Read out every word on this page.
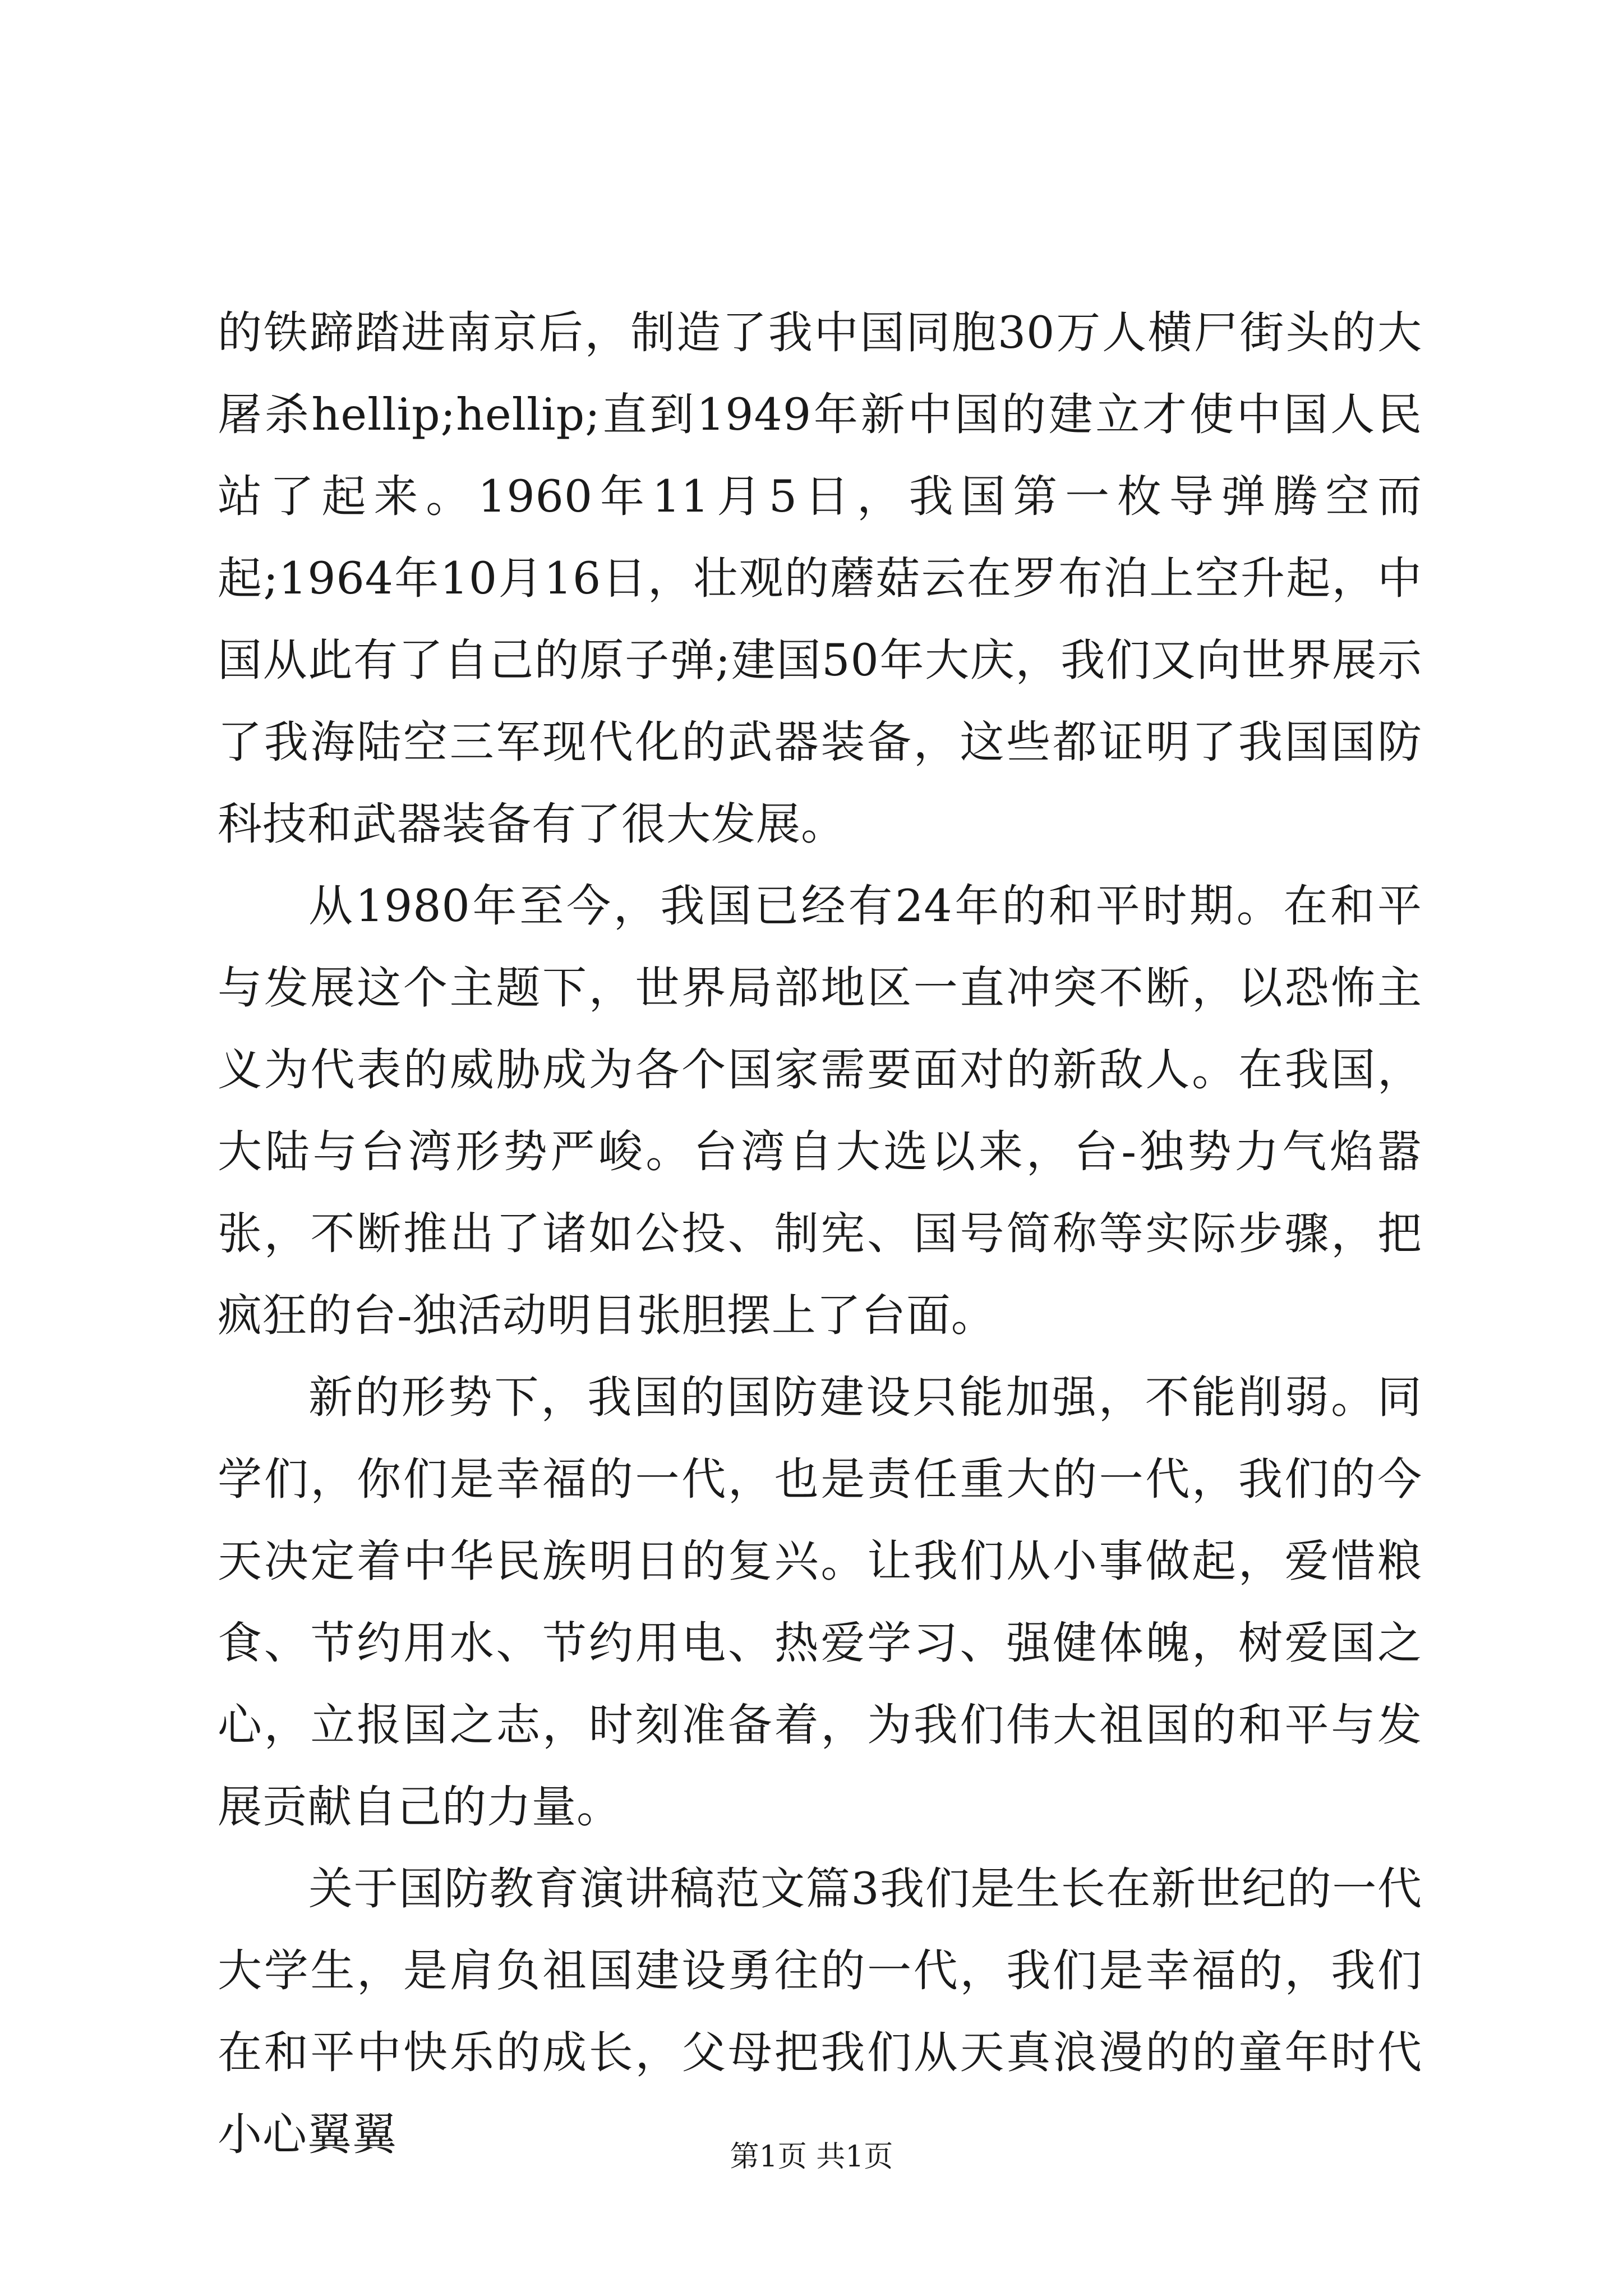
的铁蹄踏进南京后，制造了我中国同胞30万人横尸街头的大屠杀hellip;hellip;直到1949年新中国的建立才使中国人民站了起来。1960年11月5日，我国第一枚导弹腾空而起;1964年10月16日，壮观的蘑菇云在罗布泊上空升起，中国从此有了自己的原子弹;建国50年大庆，我们又向世界展示了我海陆空三军现代化的武器装备，这些都证明了我国国防科技和武器装备有了很大发展。

从1980年至今，我国已经有24年的和平时期。在和平与发展这个主题下，世界局部地区一直冲突不断，以恐怖主义为代表的威胁成为各个国家需要面对的新敌人。在我国，大陆与台湾形势严峻。台湾自大选以来，台-独势力气焰嚣张，不断推出了诸如公投、制宪、国号简称等实际步骤，把疯狂的台-独活动明目张胆摆上了台面。

新的形势下，我国的国防建设只能加强，不能削弱。同学们，你们是幸福的一代，也是责任重大的一代，我们的今天决定着中华民族明日的复兴。让我们从小事做起，爱惜粮食、节约用水、节约用电、热爱学习、强健体魄，树爱国之心，立报国之志，时刻准备着，为我们伟大祖国的和平与发展贡献自己的力量。

关于国防教育演讲稿范文篇3我们是生长在新世纪的一代大学生，是肩负祖国建设勇往的一代，我们是幸福的，我们在和平中快乐的成长，父母把我们从天真浪漫的的童年时代小心翼翼	第1页 共1页
